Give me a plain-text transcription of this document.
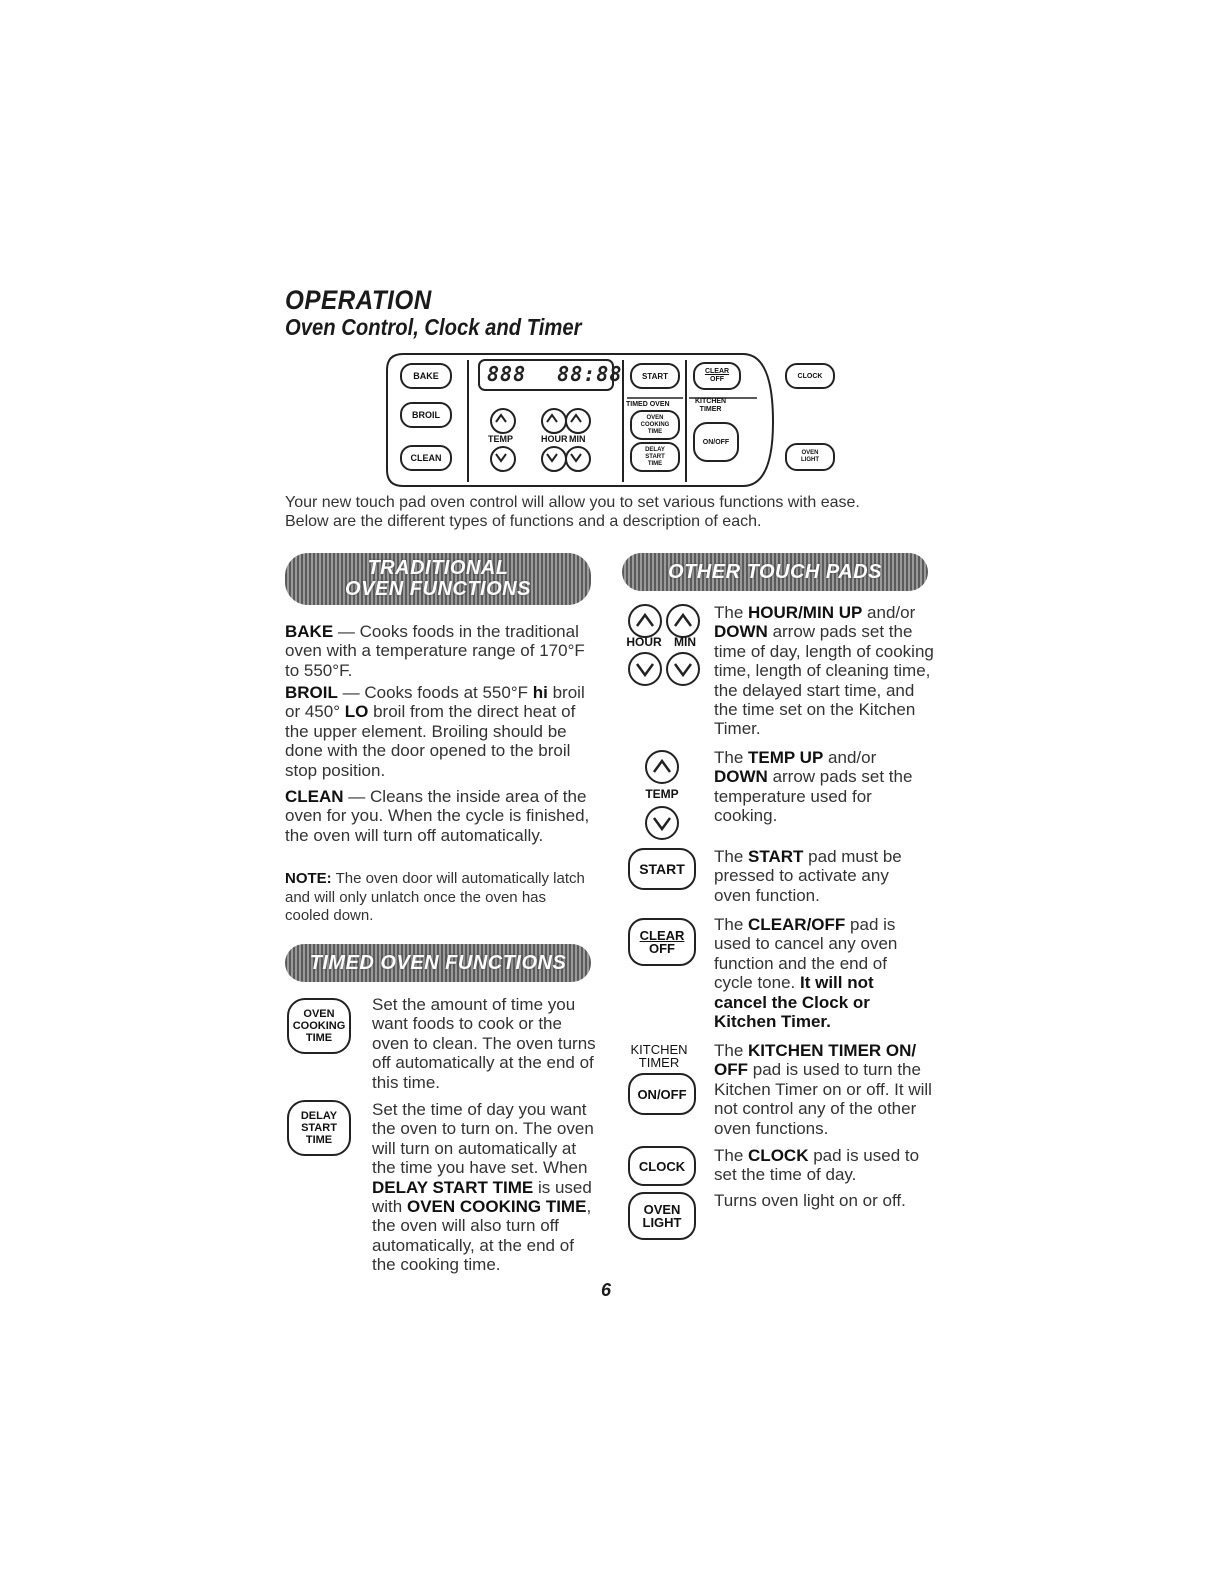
OPERATION
Oven Control, Clock and Timer
888 88:88
BAKE
BROIL
CLEAN
TEMP	HOUR MIN
START
TIMED OVEN
OVEN
COOKING
TIME
DELAY
START
TIME
CLEAR
OFF
KITCHEN
TIMER
ON/OFF
CLOCK
OVEN
LIGHT
Your new touch pad oven control will allow you to set various functions with ease.
Below are the different types of functions and a description of each.
TRADITIONAL
OVEN FUNCTIONS
OTHER TOUCH PADS
TIMED OVEN FUNCTIONS
BAKE — Cooks foods in the traditional oven with a temperature range of 170°F to 550°F.
BROIL — Cooks foods at 550°F hi broil or 450° LO broil from the direct heat of the upper element. Broiling should be done with the door opened to the broil stop position.
CLEAN — Cleans the inside area of the oven for you. When the cycle is finished, the oven will turn off automatically.
NOTE: The oven door will automatically latch and will only unlatch once the oven has cooled down.
OVEN
COOKING
TIME
Set the amount of time you want foods to cook or the oven to clean. The oven turns off automatically at the end of this time.
DELAY
START
TIME
Set the time of day you want the oven to turn on. The oven will turn on automatically at the time you have set. When DELAY START TIME is used with OVEN COOKING TIME, the oven will also turn off automatically, at the end of the cooking time.
HOUR	MIN
TEMP
START
CLEAR
OFF
KITCHEN
TIMER
ON/OFF
CLOCK
OVEN
LIGHT
The HOUR/MIN UP and/or DOWN arrow pads set the time of day, length of cooking time, length of cleaning time, the delayed start time, and the time set on the Kitchen Timer.
The TEMP UP and/or DOWN arrow pads set the temperature used for cooking.
The START pad must be pressed to activate any oven function.
The CLEAR/OFF pad is used to cancel any oven function and the end of cycle tone. It will not cancel the Clock or Kitchen Timer.
The KITCHEN TIMER ON/ OFF pad is used to turn the Kitchen Timer on or off. It will not control any of the other oven functions.
The CLOCK pad is used to set the time of day.
Turns oven light on or off.
6
